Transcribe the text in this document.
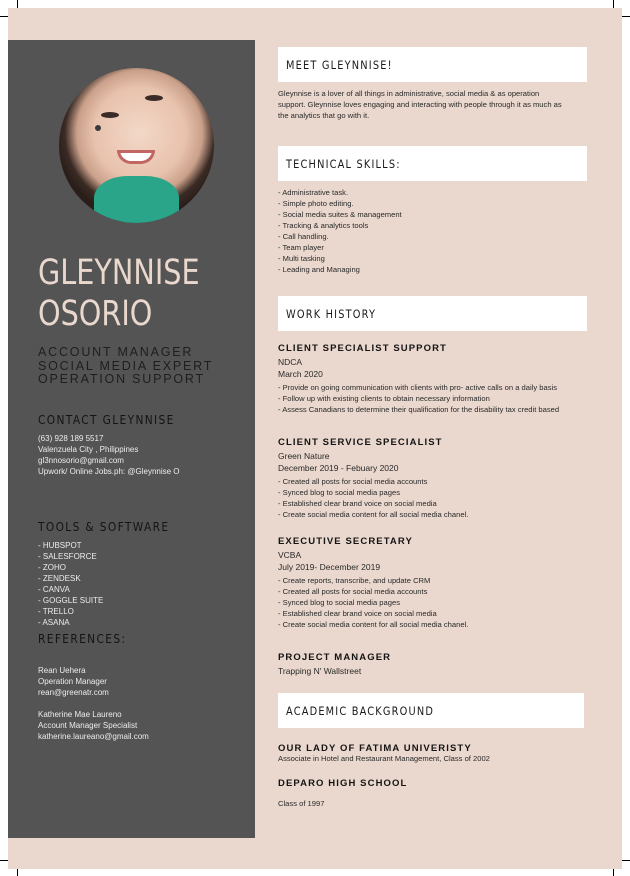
GLEYNNISE
OSORIO
ACCOUNT MANAGER
SOCIAL MEDIA EXPERT
OPERATION SUPPORT
CONTACT GLEYNNISE
(63) 928 189 5517
Valenzuela City , Philippines
gl3nnosorio@gmail.com
Upwork/ Online Jobs.ph: @Gleynnise O
TOOLS & SOFTWARE
- HUBSPOT
- SALESFORCE
- ZOHO
- ZENDESK
- CANVA
- GOGGLE SUITE
- TRELLO
- ASANA
REFERENCES:
Rean Uehera
Operation Manager
rean@greenatr.com
Katherine Mae Laureno
Account Manager Specialist
katherine.laureano@gmail.com
MEET GLEYNNISE!
Gleynnise is a lover of all things in administrative, social media & as operation
support. Gleynnise loves engaging and interacting with people through it as much as
the analytics that go with it.
TECHNICAL SKILLS:
- Administrative task.
- Simple photo editing.
- Social media suites & management
- Tracking & analytics tools
- Call handling.
- Team player
- Multi tasking
- Leading and Managing
WORK HISTORY
CLIENT SPECIALIST SUPPORT
NDCA
March 2020
- Provide on going communication with clients with pro- active calls on a daily basis
- Follow up with existing clients to obtain necessary information
- Assess Canadians to determine their qualification for the disability tax credit based
CLIENT SERVICE SPECIALIST
Green Nature
December 2019 - Febuary 2020
- Created all posts for social media accounts
- Synced blog to social media pages
- Established clear brand voice on social media
- Create social media content for all social media chanel.
EXECUTIVE SECRETARY
VCBA
July 2019- December 2019
- Create reports, transcribe, and update CRM
- Created all posts for social media accounts
- Synced blog to social media pages
- Established clear brand voice on social media
- Create social media content for all social media chanel.
PROJECT MANAGER
Trapping N' Wallstreet
ACADEMIC BACKGROUND
OUR LADY OF FATIMA UNIVERISTY
Associate in Hotel and Restaurant Management, Class of 2002
DEPARO HIGH SCHOOL
Class of 1997
